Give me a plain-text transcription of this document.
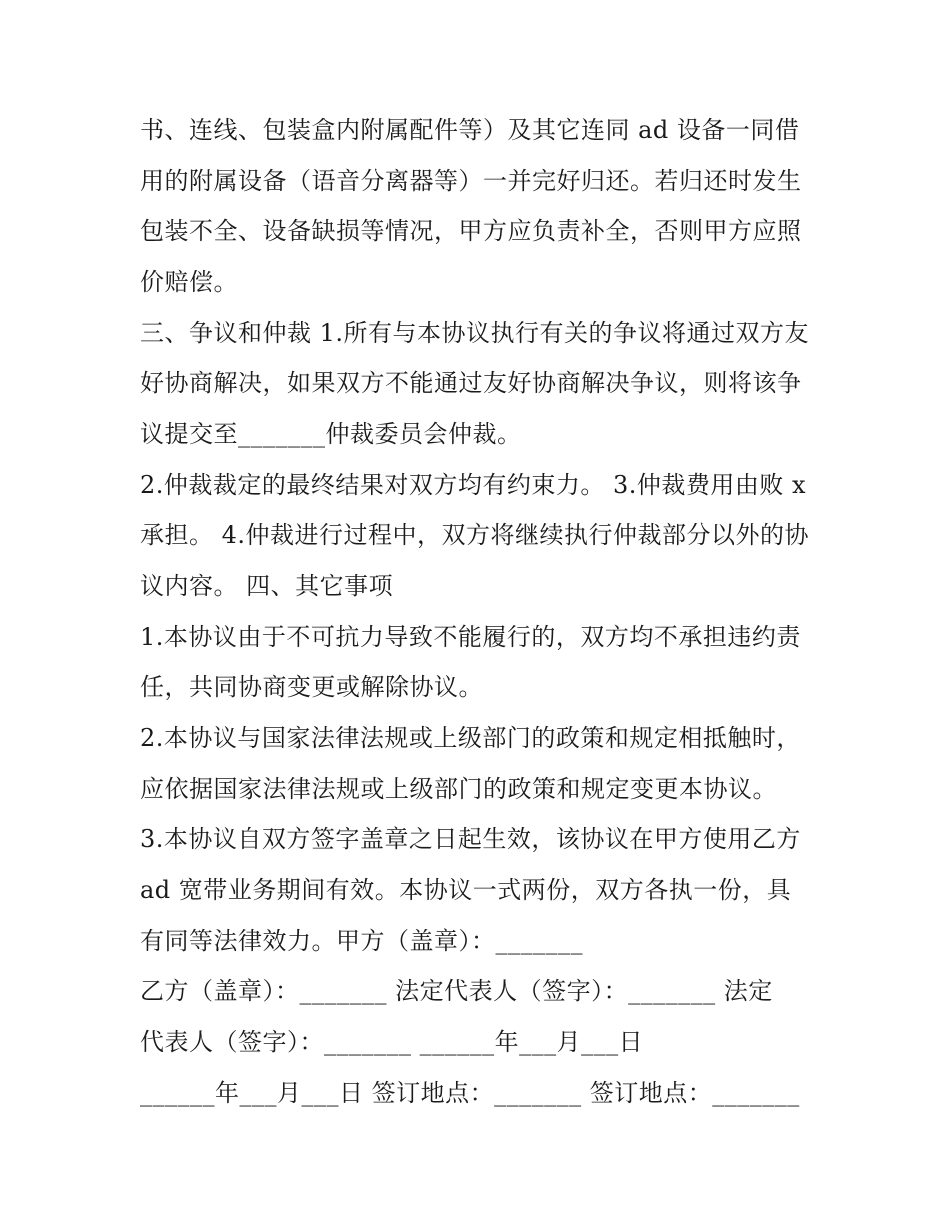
书、连线、包装盒内附属配件等）及其它连同 ad 设备一同借
用的附属设备（语音分离器等）一并完好归还。若归还时发生
包装不全、设备缺损等情况，甲方应负责补全，否则甲方应照
价赔偿。
三、争议和仲裁 1.所有与本协议执行有关的争议将通过双方友
好协商解决，如果双方不能通过友好协商解决争议，则将该争
议提交至_______仲裁委员会仲裁。
2.仲裁裁定的最终结果对双方均有约束力。 3.仲裁费用由败 x
承担。 4.仲裁进行过程中，双方将继续执行仲裁部分以外的协
议内容。 四、其它事项
1.本协议由于不可抗力导致不能履行的，双方均不承担违约责
任，共同协商变更或解除协议。
2.本协议与国家法律法规或上级部门的政策和规定相抵触时，
应依据国家法律法规或上级部门的政策和规定变更本协议。
3.本协议自双方签字盖章之日起生效，该协议在甲方使用乙方
ad 宽带业务期间有效。本协议一式两份，双方各执一份，具
有同等法律效力。甲方（盖章）：_______
乙方（盖章）：_______ 法定代表人（签字）：_______ 法定
代表人（签字）：_______ ______年___月___日
______年___月___日 签订地点：_______ 签订地点：_______
